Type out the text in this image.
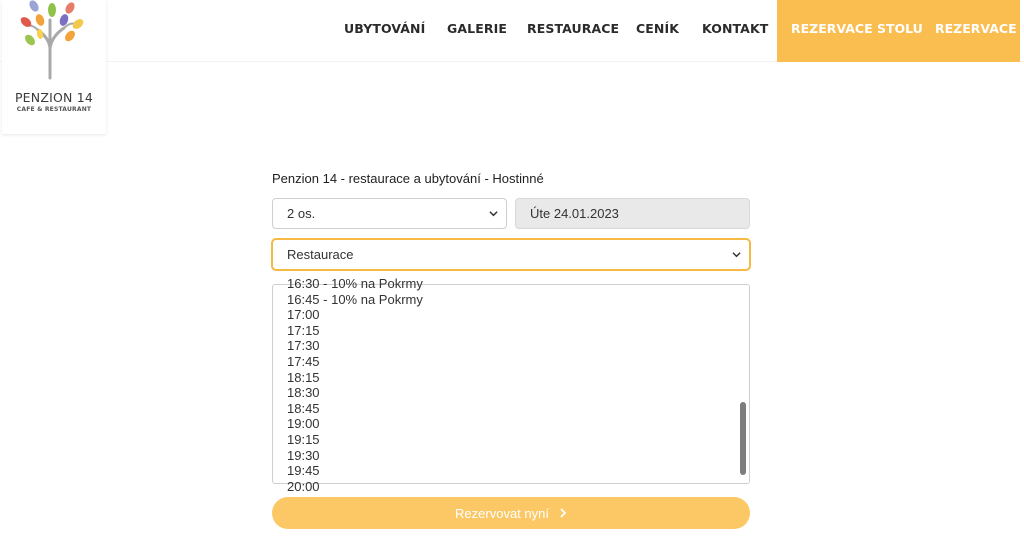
PENZION 14
CAFE & RESTAURANT
UBYTOVÁNÍ GALERIE RESTAURACE CENÍK KONTAKT REZERVACE STOLU REZERVACE
Penzion 14 - restaurace a ubytování - Hostinné
2 os.	Úte 24.01.2023
Restaurace
16:30 - 10% na Pokrmy
16:45 - 10% na Pokrmy
17:00
17:15
17:30
17:45
18:15
18:30
18:45
19:00
19:15
19:30
19:45
20:00
Rezervovat nyní
